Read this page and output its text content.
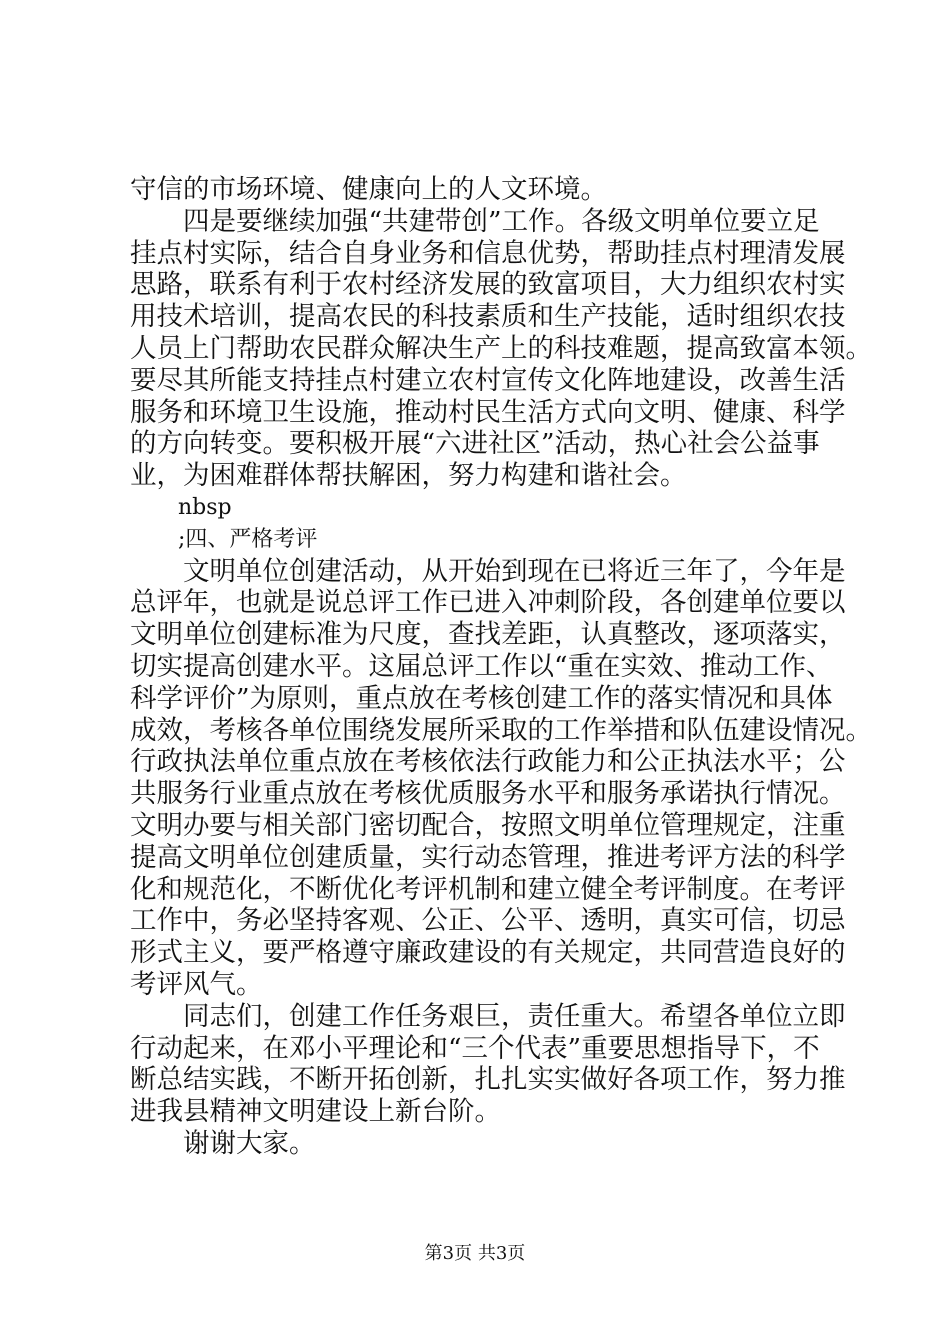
守信的市场环境、健康向上的人文环境。
四是要继续加强“共建带创”工作。各级文明单位要立足
挂点村实际，结合自身业务和信息优势，帮助挂点村理清发展
思路，联系有利于农村经济发展的致富项目，大力组织农村实
用技术培训，提高农民的科技素质和生产技能，适时组织农技
人员上门帮助农民群众解决生产上的科技难题，提高致富本领。
要尽其所能支持挂点村建立农村宣传文化阵地建设，改善生活
服务和环境卫生设施，推动村民生活方式向文明、健康、科学
的方向转变。要积极开展“六进社区”活动，热心社会公益事
业，为困难群体帮扶解困，努力构建和谐社会。
nbsp
;四、严格考评
文明单位创建活动，从开始到现在已将近三年了，今年是
总评年，也就是说总评工作已进入冲刺阶段，各创建单位要以
文明单位创建标准为尺度，查找差距，认真整改，逐项落实，
切实提高创建水平。这届总评工作以“重在实效、推动工作、
科学评价”为原则，重点放在考核创建工作的落实情况和具体
成效，考核各单位围绕发展所采取的工作举措和队伍建设情况。
行政执法单位重点放在考核依法行政能力和公正执法水平；公
共服务行业重点放在考核优质服务水平和服务承诺执行情况。
文明办要与相关部门密切配合，按照文明单位管理规定，注重
提高文明单位创建质量，实行动态管理，推进考评方法的科学
化和规范化，不断优化考评机制和建立健全考评制度。在考评
工作中，务必坚持客观、公正、公平、透明，真实可信，切忌
形式主义，要严格遵守廉政建设的有关规定，共同营造良好的
考评风气。
同志们，创建工作任务艰巨，责任重大。希望各单位立即
行动起来，在邓小平理论和“三个代表”重要思想指导下，不
断总结实践，不断开拓创新，扎扎实实做好各项工作，努力推
进我县精神文明建设上新台阶。
谢谢大家。
第3页 共3页
